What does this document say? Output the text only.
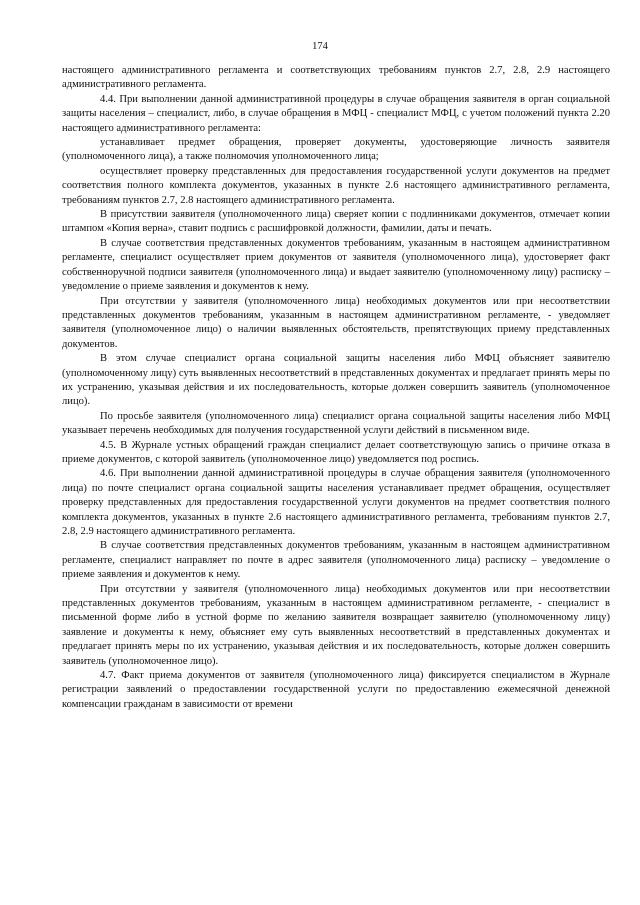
174

настоящего административного регламента и соответствующих требованиям пунктов 2.7, 2.8, 2.9 настоящего административного регламента.

4.4. При выполнении данной административной процедуры в случае обращения заявителя в орган социальной защиты населения – специалист, либо, в случае обращения в МФЦ - специалист МФЦ, с учетом положений пункта 2.20 настоящего административного регламента:

устанавливает предмет обращения, проверяет документы, удостоверяющие личность заявителя (уполномоченного лица), а также полномочия уполномоченного лица;

осуществляет проверку представленных для предоставления государственной услуги документов на предмет соответствия полного комплекта документов, указанных в пункте 2.6 настоящего административного регламента, требованиям пунктов 2.7, 2.8 настоящего административного регламента.

В присутствии заявителя (уполномоченного лица) сверяет копии с подлинниками документов, отмечает копии штампом «Копия верна», ставит подпись с расшифровкой должности, фамилии, даты и печать.

В случае соответствия представленных документов требованиям, указанным в настоящем административном регламенте, специалист осуществляет прием документов от заявителя (уполномоченного лица), удостоверяет факт собственноручной подписи заявителя (уполномоченного лица) и выдает заявителю (уполномоченному лицу) расписку – уведомление о приеме заявления и документов к нему.

При отсутствии у заявителя (уполномоченного лица) необходимых документов или при несоответствии представленных документов требованиям, указанным в настоящем административном регламенте, - уведомляет заявителя (уполномоченное лицо) о наличии выявленных обстоятельств, препятствующих приему представленных документов.

В этом случае специалист органа социальной защиты населения либо МФЦ объясняет заявителю (уполномоченному лицу) суть выявленных несоответствий в представленных документах и предлагает принять меры по их устранению, указывая действия и их последовательность, которые должен совершить заявитель (уполномоченное лицо).

По просьбе заявителя (уполномоченного лица) специалист органа социальной защиты населения либо МФЦ указывает перечень необходимых для получения государственной услуги действий в письменном виде.

4.5. В Журнале устных обращений граждан специалист делает соответствующую запись о причине отказа в приеме документов, с которой заявитель (уполномоченное лицо) уведомляется под роспись.

4.6. При выполнении данной административной процедуры в случае обращения заявителя (уполномоченного лица) по почте специалист органа социальной защиты населения устанавливает предмет обращения, осуществляет проверку представленных для предоставления государственной услуги документов на предмет соответствия полного комплекта документов, указанных в пункте 2.6 настоящего административного регламента, требованиям пунктов 2.7, 2.8, 2.9 настоящего административного регламента.

В случае соответствия представленных документов требованиям, указанным в настоящем административном регламенте, специалист направляет по почте в адрес заявителя (уполномоченного лица) расписку – уведомление о приеме заявления и документов к нему.

При отсутствии у заявителя (уполномоченного лица) необходимых документов или при несоответствии представленных документов требованиям, указанным в настоящем административном регламенте, - специалист в письменной форме либо в устной форме по желанию заявителя возвращает заявителю (уполномоченному лицу) заявление и документы к нему, объясняет ему суть выявленных несоответствий в представленных документах и предлагает принять меры по их устранению, указывая действия и их последовательность, которые должен совершить заявитель (уполномоченное лицо).

4.7. Факт приема документов от заявителя (уполномоченного лица) фиксируется специалистом в Журнале регистрации заявлений о предоставлении государственной услуги по предоставлению ежемесячной денежной компенсации гражданам в зависимости от времени
